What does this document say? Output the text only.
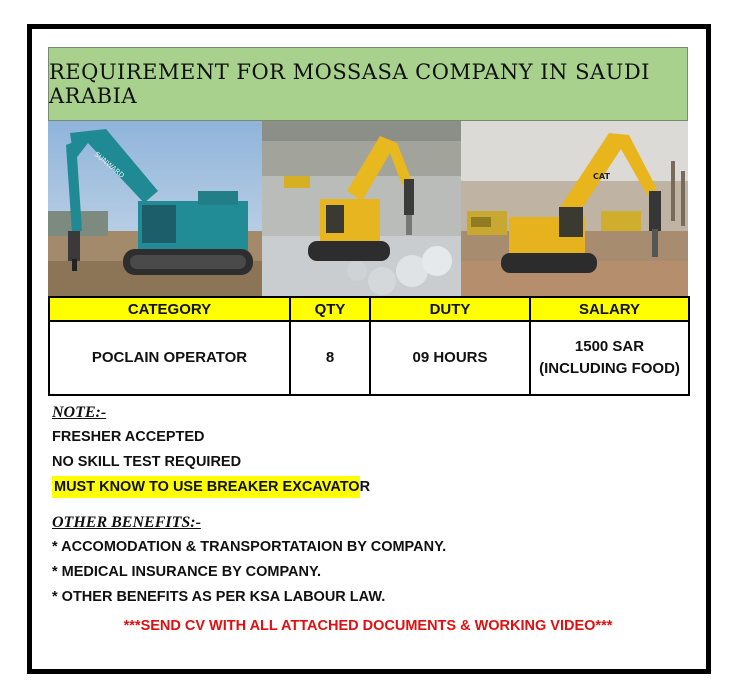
REQUIREMENT FOR MOSSASA COMPANY IN SAUDI ARABIA
SUNWARD	CAT
CATEGORY	QTY	DUTY	SALARY
POCLAIN OPERATOR	8	09 HOURS	1500 SAR
(INCLUDING FOOD)
NOTE:-
FRESHER ACCEPTED
NO SKILL TEST REQUIRED
MUST KNOW TO USE BREAKER EXCAVATOR
OTHER BENEFITS:-
* ACCOMODATION & TRANSPORTATAION BY COMPANY.
* MEDICAL INSURANCE BY COMPANY.
* OTHER BENEFITS AS PER KSA LABOUR LAW.
***SEND CV WITH ALL ATTACHED DOCUMENTS & WORKING VIDEO***
